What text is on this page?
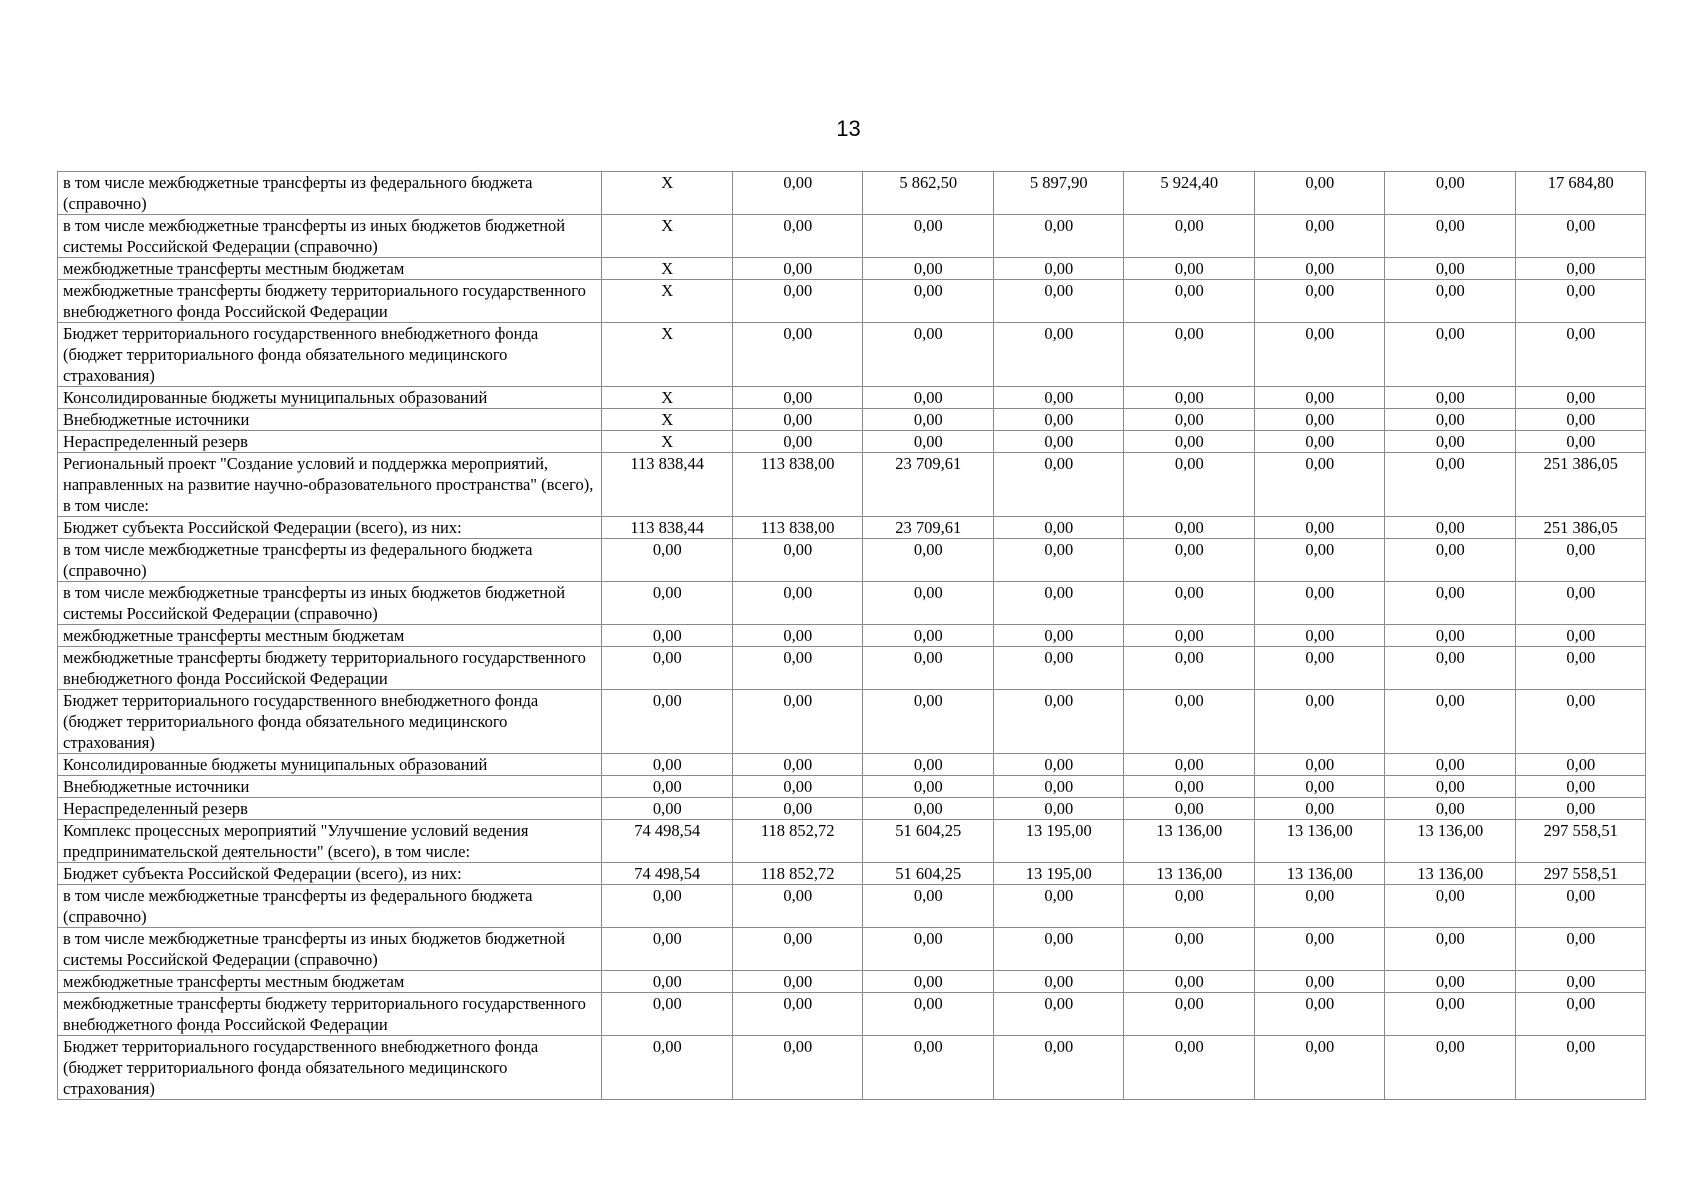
13
в том числе межбюджетные трансферты из федерального бюджета (справочно)	X	0,00	5 862,50	5 897,90	5 924,40	0,00	0,00	17 684,80
в том числе межбюджетные трансферты из иных бюджетов бюджетной системы Российской Федерации (справочно)	X	0,00	0,00	0,00	0,00	0,00	0,00	0,00
межбюджетные трансферты местным бюджетам	X	0,00	0,00	0,00	0,00	0,00	0,00	0,00
межбюджетные трансферты бюджету территориального государственного внебюджетного фонда Российской Федерации	X	0,00	0,00	0,00	0,00	0,00	0,00	0,00
Бюджет территориального государственного внебюджетного фонда (бюджет территориального фонда обязательного медицинского страхования)	X	0,00	0,00	0,00	0,00	0,00	0,00	0,00
Консолидированные бюджеты муниципальных образований	X	0,00	0,00	0,00	0,00	0,00	0,00	0,00
Внебюджетные источники	X	0,00	0,00	0,00	0,00	0,00	0,00	0,00
Нераспределенный резерв	X	0,00	0,00	0,00	0,00	0,00	0,00	0,00
Региональный проект "Создание условий и поддержка мероприятий, направленных на развитие научно-образовательного пространства" (всего), в том числе:	113 838,44	113 838,00	23 709,61	0,00	0,00	0,00	0,00	251 386,05
Бюджет субъекта Российской Федерации (всего), из них:	113 838,44	113 838,00	23 709,61	0,00	0,00	0,00	0,00	251 386,05
в том числе межбюджетные трансферты из федерального бюджета (справочно)	0,00	0,00	0,00	0,00	0,00	0,00	0,00	0,00
в том числе межбюджетные трансферты из иных бюджетов бюджетной системы Российской Федерации (справочно)	0,00	0,00	0,00	0,00	0,00	0,00	0,00	0,00
межбюджетные трансферты местным бюджетам	0,00	0,00	0,00	0,00	0,00	0,00	0,00	0,00
межбюджетные трансферты бюджету территориального государственного внебюджетного фонда Российской Федерации	0,00	0,00	0,00	0,00	0,00	0,00	0,00	0,00
Бюджет территориального государственного внебюджетного фонда (бюджет территориального фонда обязательного медицинского страхования)	0,00	0,00	0,00	0,00	0,00	0,00	0,00	0,00
Консолидированные бюджеты муниципальных образований	0,00	0,00	0,00	0,00	0,00	0,00	0,00	0,00
Внебюджетные источники	0,00	0,00	0,00	0,00	0,00	0,00	0,00	0,00
Нераспределенный резерв	0,00	0,00	0,00	0,00	0,00	0,00	0,00	0,00
Комплекс процессных мероприятий "Улучшение условий ведения предпринимательской деятельности" (всего), в том числе:	74 498,54	118 852,72	51 604,25	13 195,00	13 136,00	13 136,00	13 136,00	297 558,51
Бюджет субъекта Российской Федерации (всего), из них:	74 498,54	118 852,72	51 604,25	13 195,00	13 136,00	13 136,00	13 136,00	297 558,51
в том числе межбюджетные трансферты из федерального бюджета (справочно)	0,00	0,00	0,00	0,00	0,00	0,00	0,00	0,00
в том числе межбюджетные трансферты из иных бюджетов бюджетной системы Российской Федерации (справочно)	0,00	0,00	0,00	0,00	0,00	0,00	0,00	0,00
межбюджетные трансферты местным бюджетам	0,00	0,00	0,00	0,00	0,00	0,00	0,00	0,00
межбюджетные трансферты бюджету территориального государственного внебюджетного фонда Российской Федерации	0,00	0,00	0,00	0,00	0,00	0,00	0,00	0,00
Бюджет территориального государственного внебюджетного фонда (бюджет территориального фонда обязательного медицинского страхования)	0,00	0,00	0,00	0,00	0,00	0,00	0,00	0,00
